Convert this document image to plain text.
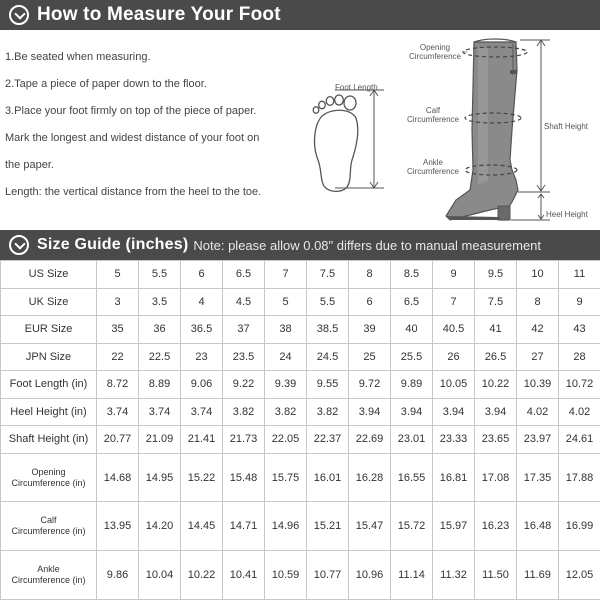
How to Measure Your Foot

1.Be seated when measuring.

2.Tape a piece of paper down to the floor.

3.Place your foot firmly on top of the piece of paper.

Mark the longest and widest distance of your foot on

the paper.

Length: the vertical distance from the heel to the toe.

Foot Length
Opening
Circumference
Calf
Circumference
Ankle
Circumference
Shaft Height
Heel Height
Size Guide (inches) Note: please allow 0.08" differs due to manual measurement
US Size	5	5.5	6	6.5	7	7.5	8	8.5	9	9.5	10	11
UK Size	3	3.5	4	4.5	5	5.5	6	6.5	7	7.5	8	9
EUR Size	35	36	36.5	37	38	38.5	39	40	40.5	41	42	43
JPN Size	22	22.5	23	23.5	24	24.5	25	25.5	26	26.5	27	28
Foot Length (in)	8.72	8.89	9.06	9.22	9.39	9.55	9.72	9.89	10.05	10.22	10.39	10.72
Heel Height (in)	3.74	3.74	3.74	3.82	3.82	3.82	3.94	3.94	3.94	3.94	4.02	4.02
Shaft Height (in)	20.77	21.09	21.41	21.73	22.05	22.37	22.69	23.01	23.33	23.65	23.97	24.61

Opening
Circumference (in)	14.68	14.95	15.22	15.48	15.75	16.01	16.28	16.55	16.81	17.08	17.35	17.88

Calf
Circumference (in)	13.95	14.20	14.45	14.71	14.96	15.21	15.47	15.72	15.97	16.23	16.48	16.99

Ankle
Circumference (in)	9.86	10.04	10.22	10.41	10.59	10.77	10.96	11.14	11.32	11.50	11.69	12.05
